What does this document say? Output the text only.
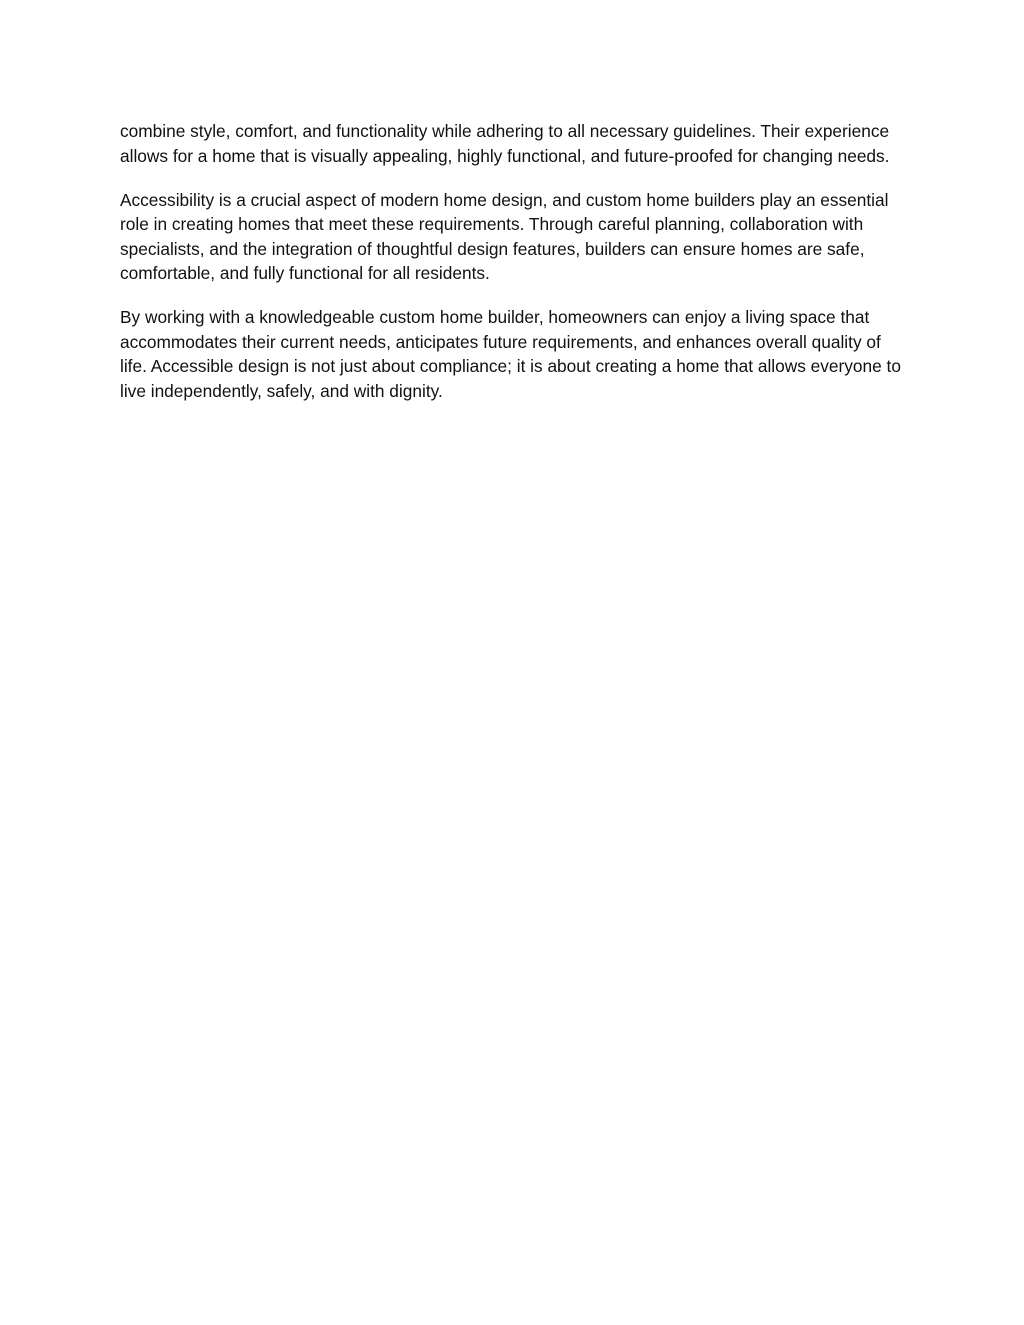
combine style, comfort, and functionality while adhering to all necessary guidelines. Their experience allows for a home that is visually appealing, highly functional, and future-proofed for changing needs.

Accessibility is a crucial aspect of modern home design, and custom home builders play an essential role in creating homes that meet these requirements. Through careful planning, collaboration with specialists, and the integration of thoughtful design features, builders can ensure homes are safe, comfortable, and fully functional for all residents.

By working with a knowledgeable custom home builder, homeowners can enjoy a living space that accommodates their current needs, anticipates future requirements, and enhances overall quality of life. Accessible design is not just about compliance; it is about creating a home that allows everyone to live independently, safely, and with dignity.
